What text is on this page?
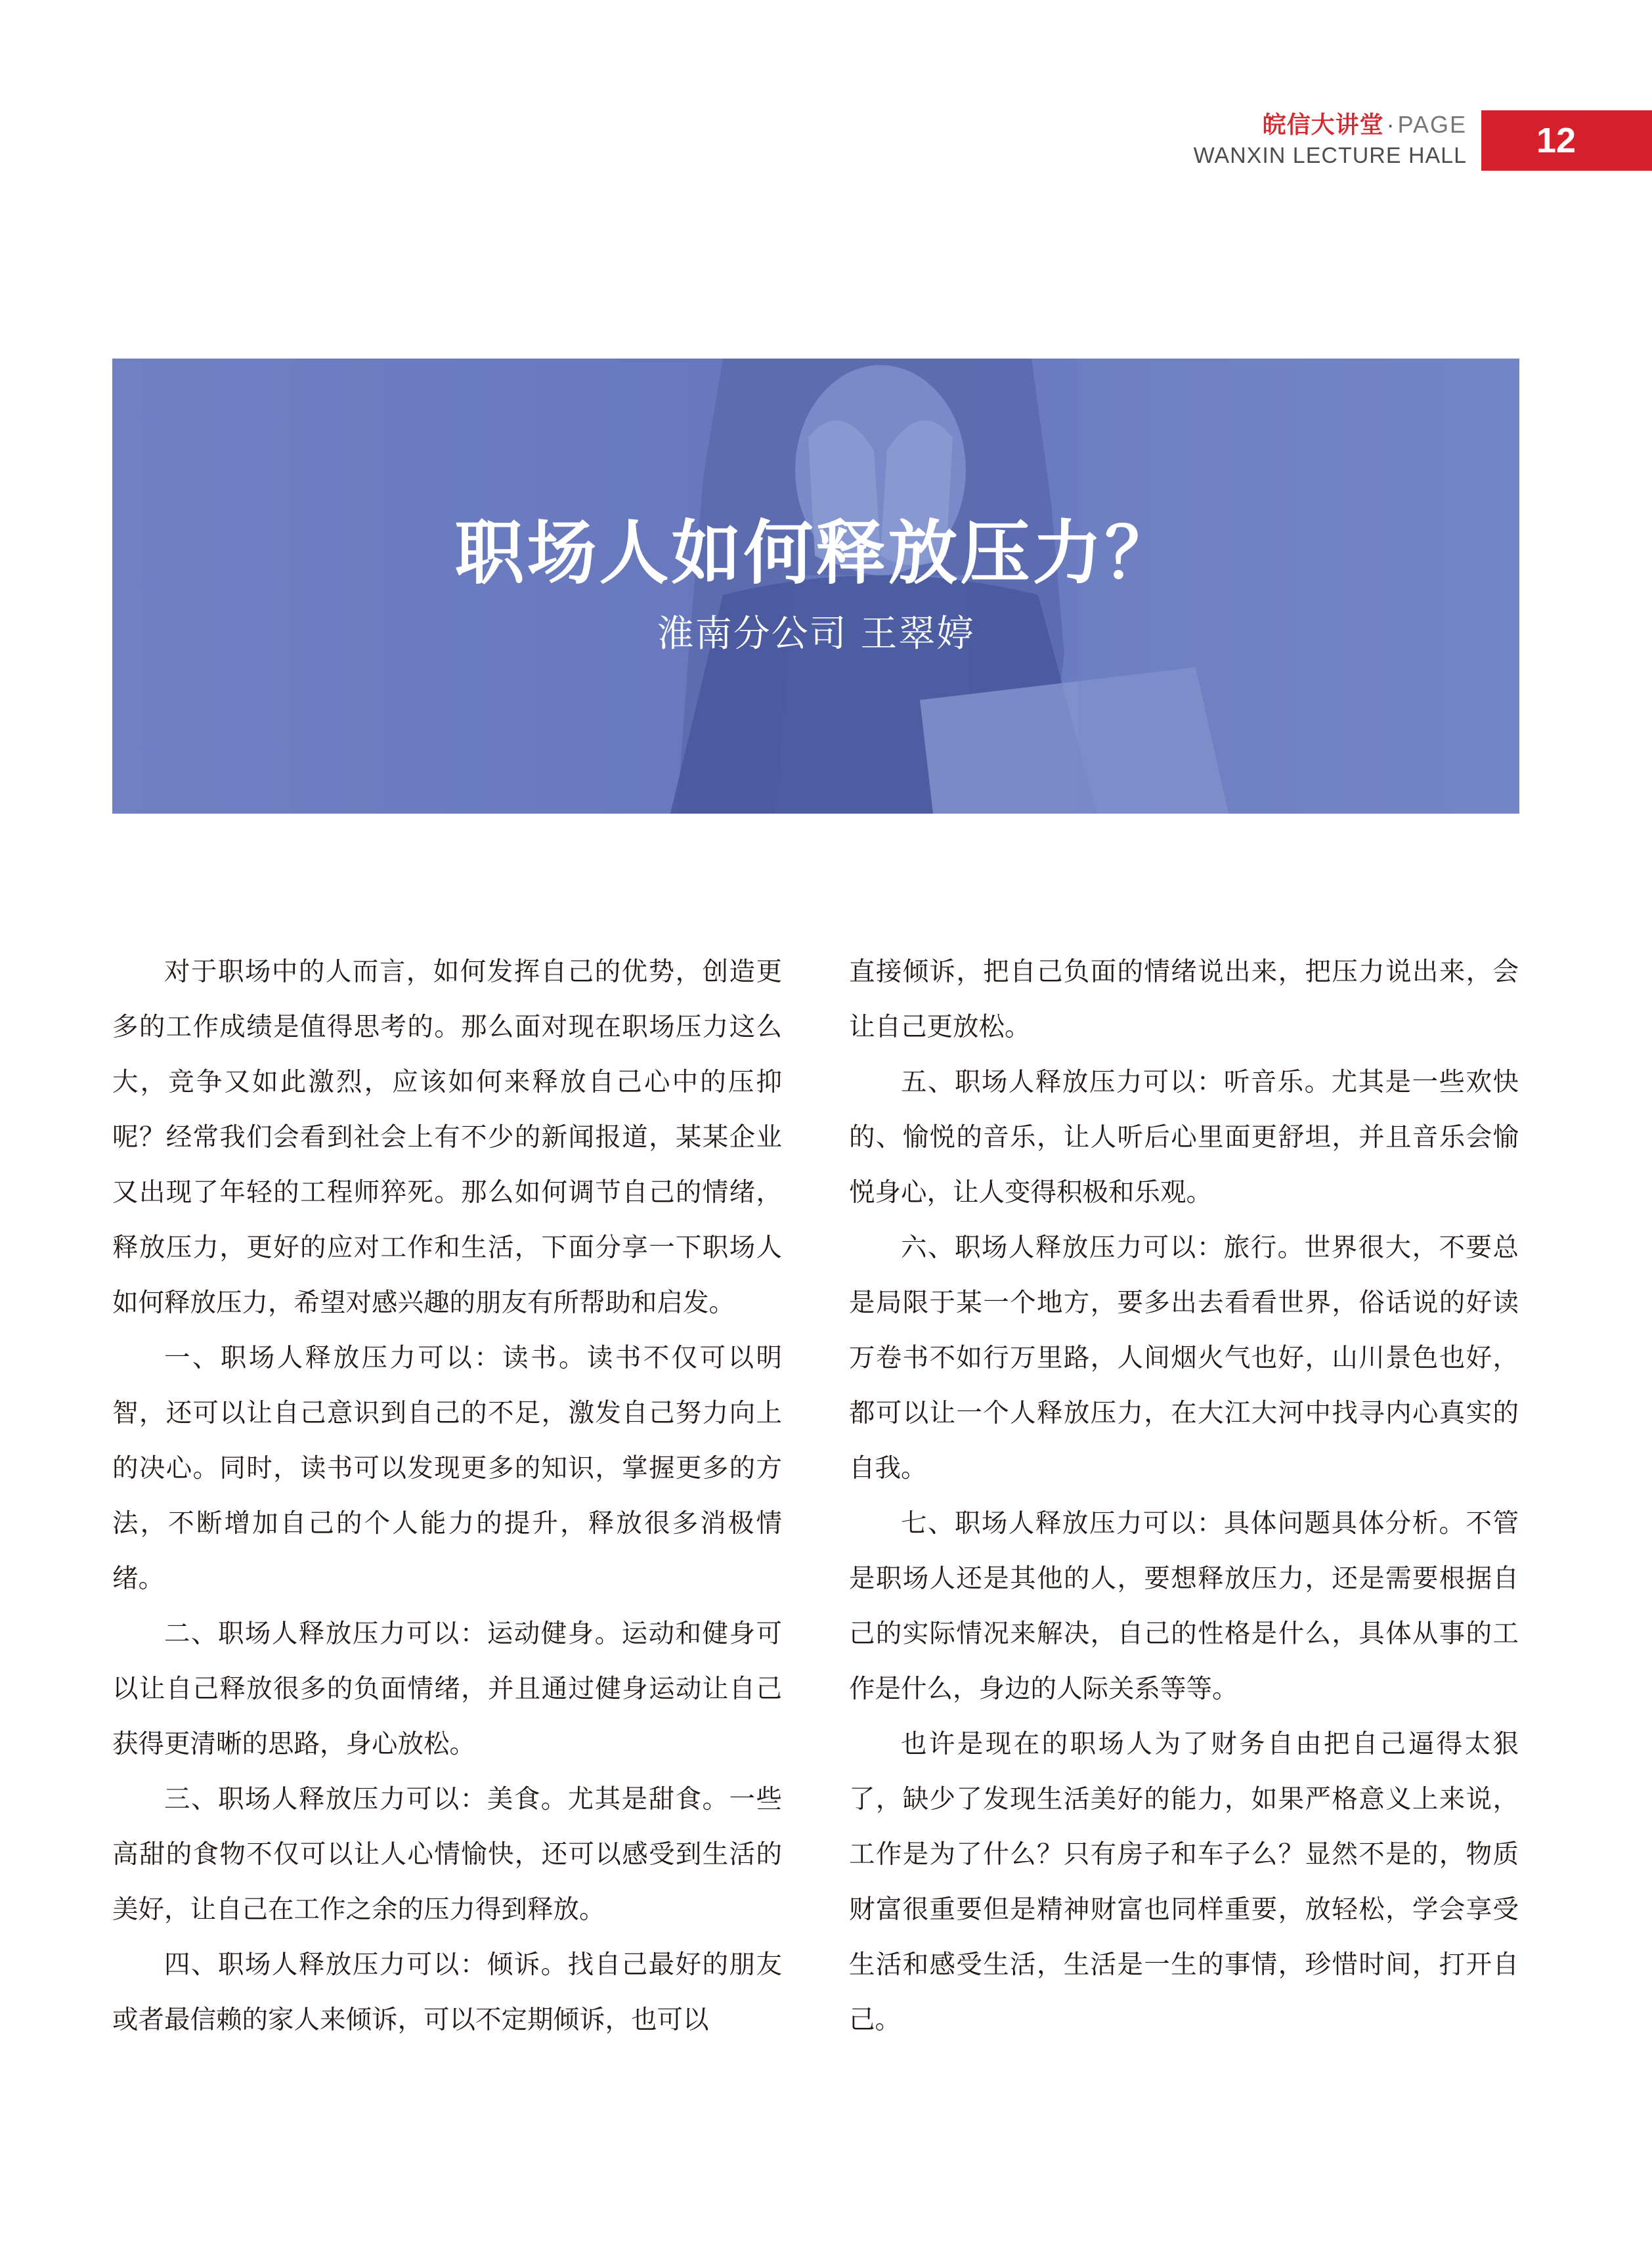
皖信大讲堂 · PAGE
WANXIN LECTURE HALL 12
职场人如何释放压力？
淮南分公司 王翠婷

对于职场中的人而言，如何发挥自己的优势，创造更多的工作成绩是值得思考的。那么面对现在职场压力这么大，竞争又如此激烈，应该如何来释放自己心中的压抑呢？经常我们会看到社会上有不少的新闻报道，某某企业又出现了年轻的工程师猝死。那么如何调节自己的情绪，释放压力，更好的应对工作和生活，下面分享一下职场人如何释放压力，希望对感兴趣的朋友有所帮助和启发。

一、职场人释放压力可以：读书。读书不仅可以明智，还可以让自己意识到自己的不足，激发自己努力向上的决心。同时，读书可以发现更多的知识，掌握更多的方法，不断增加自己的个人能力的提升，释放很多消极情绪。

二、职场人释放压力可以：运动健身。运动和健身可以让自己释放很多的负面情绪，并且通过健身运动让自己获得更清晰的思路，身心放松。

三、职场人释放压力可以：美食。尤其是甜食。一些高甜的食物不仅可以让人心情愉快，还可以感受到生活的美好，让自己在工作之余的压力得到释放。

四、职场人释放压力可以：倾诉。找自己最好的朋友或者最信赖的家人来倾诉，可以不定期倾诉，也可以

直接倾诉，把自己负面的情绪说出来，把压力说出来，会让自己更放松。

五、职场人释放压力可以：听音乐。尤其是一些欢快的、愉悦的音乐，让人听后心里面更舒坦，并且音乐会愉悦身心，让人变得积极和乐观。

六、职场人释放压力可以：旅行。世界很大，不要总是局限于某一个地方，要多出去看看世界，俗话说的好读万卷书不如行万里路，人间烟火气也好，山川景色也好，都可以让一个人释放压力，在大江大河中找寻内心真实的自我。

七、职场人释放压力可以：具体问题具体分析。不管是职场人还是其他的人，要想释放压力，还是需要根据自己的实际情况来解决，自己的性格是什么，具体从事的工作是什么，身边的人际关系等等。

也许是现在的职场人为了财务自由把自己逼得太狠了，缺少了发现生活美好的能力，如果严格意义上来说，工作是为了什么？只有房子和车子么？显然不是的，物质财富很重要但是精神财富也同样重要，放轻松，学会享受生活和感受生活，生活是一生的事情，珍惜时间，打开自己。
